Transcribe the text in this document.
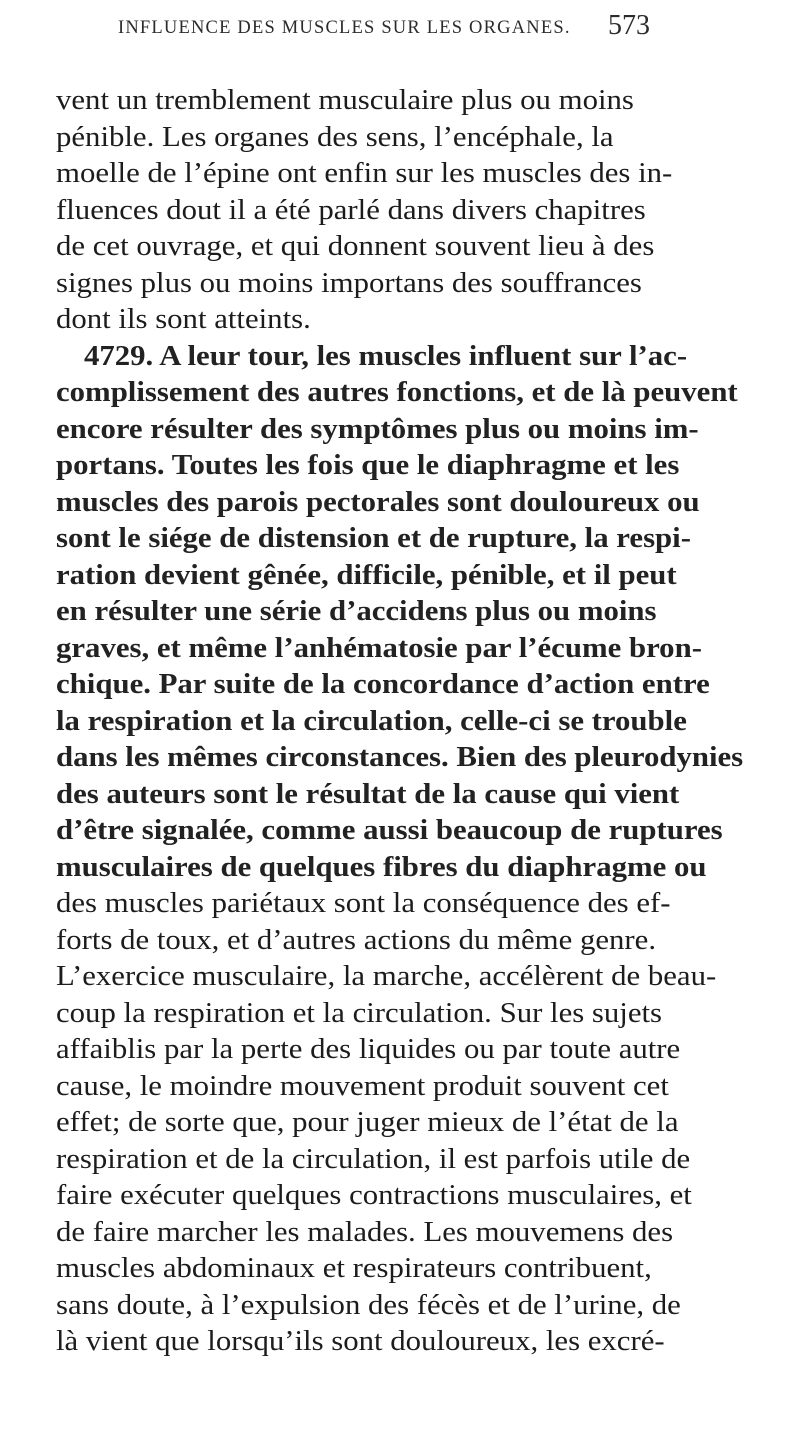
INFLUENCE DES MUSCLES SUR LES ORGANES. 573
vent un tremblement musculaire plus ou moins
pénible. Les organes des sens, l’encéphale, la
moelle de l’épine ont enfin sur les muscles des in-
fluences dout il a été parlé dans divers chapitres
de cet ouvrage, et qui donnent souvent lieu à des
signes plus ou moins importans des souffrances
dont ils sont atteints.
4729. A leur tour, les muscles influent sur l’ac-
complissement des autres fonctions, et de là peuvent
encore résulter des symptômes plus ou moins im-
portans. Toutes les fois que le diaphragme et les
muscles des parois pectorales sont douloureux ou
sont le siége de distension et de rupture, la respi-
ration devient gênée, difficile, pénible, et il peut
en résulter une série d’accidens plus ou moins
graves, et même l’anhématosie par l’écume bron-
chique. Par suite de la concordance d’action entre
la respiration et la circulation, celle-ci se trouble
dans les mêmes circonstances. Bien des pleurodynies
des auteurs sont le résultat de la cause qui vient
d’être signalée, comme aussi beaucoup de ruptures
musculaires de quelques fibres du diaphragme ou
des muscles pariétaux sont la conséquence des ef-
forts de toux, et d’autres actions du même genre.
L’exercice musculaire, la marche, accélèrent de beau-
coup la respiration et la circulation. Sur les sujets
affaiblis par la perte des liquides ou par toute autre
cause, le moindre mouvement produit souvent cet
effet; de sorte que, pour juger mieux de l’état de la
respiration et de la circulation, il est parfois utile de
faire exécuter quelques contractions musculaires, et
de faire marcher les malades. Les mouvemens des
muscles abdominaux et respirateurs contribuent,
sans doute, à l’expulsion des fécès et de l’urine, de
là vient que lorsqu’ils sont douloureux, les excré-
